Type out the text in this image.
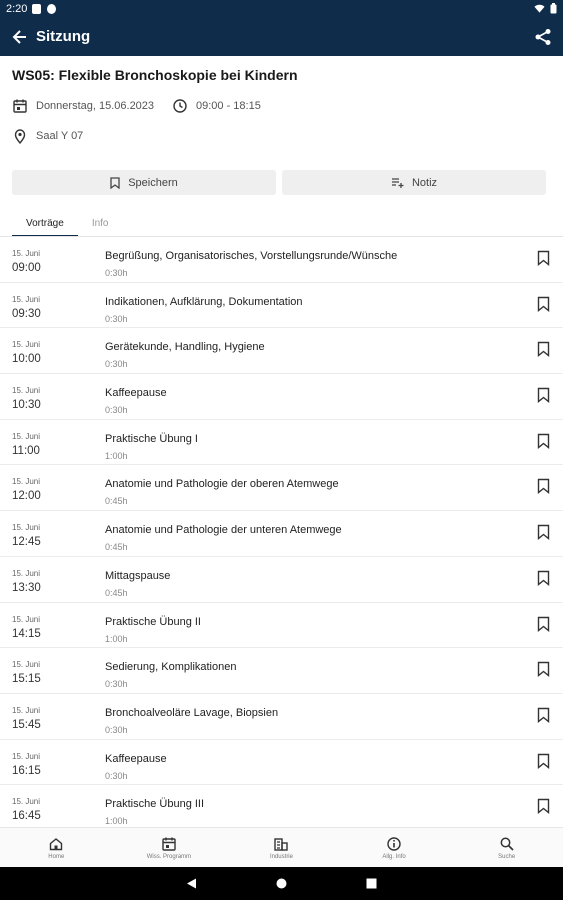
2:20
Sitzung
WS05: Flexible Bronchoskopie bei Kindern
Donnerstag, 15.06.2023	09:00 - 18:15
Saal Y 07
Speichern	Notiz
Vorträge	Info
15. Juni
09:00
Begrüßung, Organisatorisches, Vorstellungsrunde/Wünsche
0:30h
15. Juni
09:30
Indikationen, Aufklärung, Dokumentation
0:30h
15. Juni
10:00
Gerätekunde, Handling, Hygiene
0:30h
15. Juni
10:30
Kaffeepause
0:30h
15. Juni
11:00
Praktische Übung I
1:00h
15. Juni
12:00
Anatomie und Pathologie der oberen Atemwege
0:45h
15. Juni
12:45
Anatomie und Pathologie der unteren Atemwege
0:45h
15. Juni
13:30
Mittagspause
0:45h
15. Juni
14:15
Praktische Übung II
1:00h
15. Juni
15:15
Sedierung, Komplikationen
0:30h
15. Juni
15:45
Bronchoalveoläre Lavage, Biopsien
0:30h
15. Juni
16:15
Kaffeepause
0:30h
15. Juni
16:45
Praktische Übung III
1:00h
Home	Wiss. Programm	Industrie	Allg. Info	Suche
